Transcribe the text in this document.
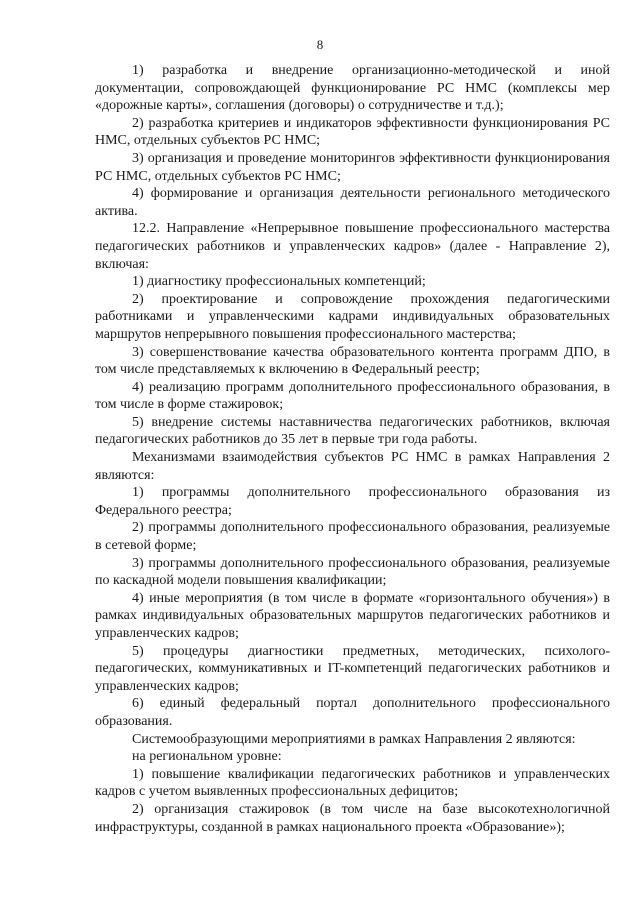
8

1) разработка и внедрение организационно-методической и иной документации, сопровождающей функционирование РС НМС (комплексы мер «дорожные карты», соглашения (договоры) о сотрудничестве и т.д.);

2) разработка критериев и индикаторов эффективности функционирования РС НМС, отдельных субъектов РС НМС;

3) организация и проведение мониторингов эффективности функционирования РС НМС, отдельных субъектов РС НМС;

4) формирование и организация деятельности регионального методического актива.

12.2. Направление «Непрерывное повышение профессионального мастерства педагогических работников и управленческих кадров» (далее - Направление 2), включая:

1) диагностику профессиональных компетенций;

2) проектирование и сопровождение прохождения педагогическими работниками и управленческими кадрами индивидуальных образовательных маршрутов непрерывного повышения профессионального мастерства;

3) совершенствование качества образовательного контента программ ДПО, в том числе представляемых к включению в Федеральный реестр;

4) реализацию программ дополнительного профессионального образования, в том числе в форме стажировок;

5) внедрение системы наставничества педагогических работников, включая педагогических работников до 35 лет в первые три года работы.

Механизмами взаимодействия субъектов РС НМС в рамках Направления 2 являются:

1) программы дополнительного профессионального образования из Федерального реестра;

2) программы дополнительного профессионального образования, реализуемые в сетевой форме;

3) программы дополнительного профессионального образования, реализуемые по каскадной модели повышения квалификации;

4) иные мероприятия (в том числе в формате «горизонтального обучения») в рамках индивидуальных образовательных маршрутов педагогических работников и управленческих кадров;

5) процедуры диагностики предметных, методических, психолого-педагогических, коммуникативных и IT-компетенций педагогических работников и управленческих кадров;

6) единый федеральный портал дополнительного профессионального образования.

Системообразующими мероприятиями в рамках Направления 2 являются:

на региональном уровне:

1) повышение квалификации педагогических работников и управленческих кадров с учетом выявленных профессиональных дефицитов;

2) организация стажировок (в том числе на базе высокотехнологичной инфраструктуры, созданной в рамках национального проекта «Образование»);
